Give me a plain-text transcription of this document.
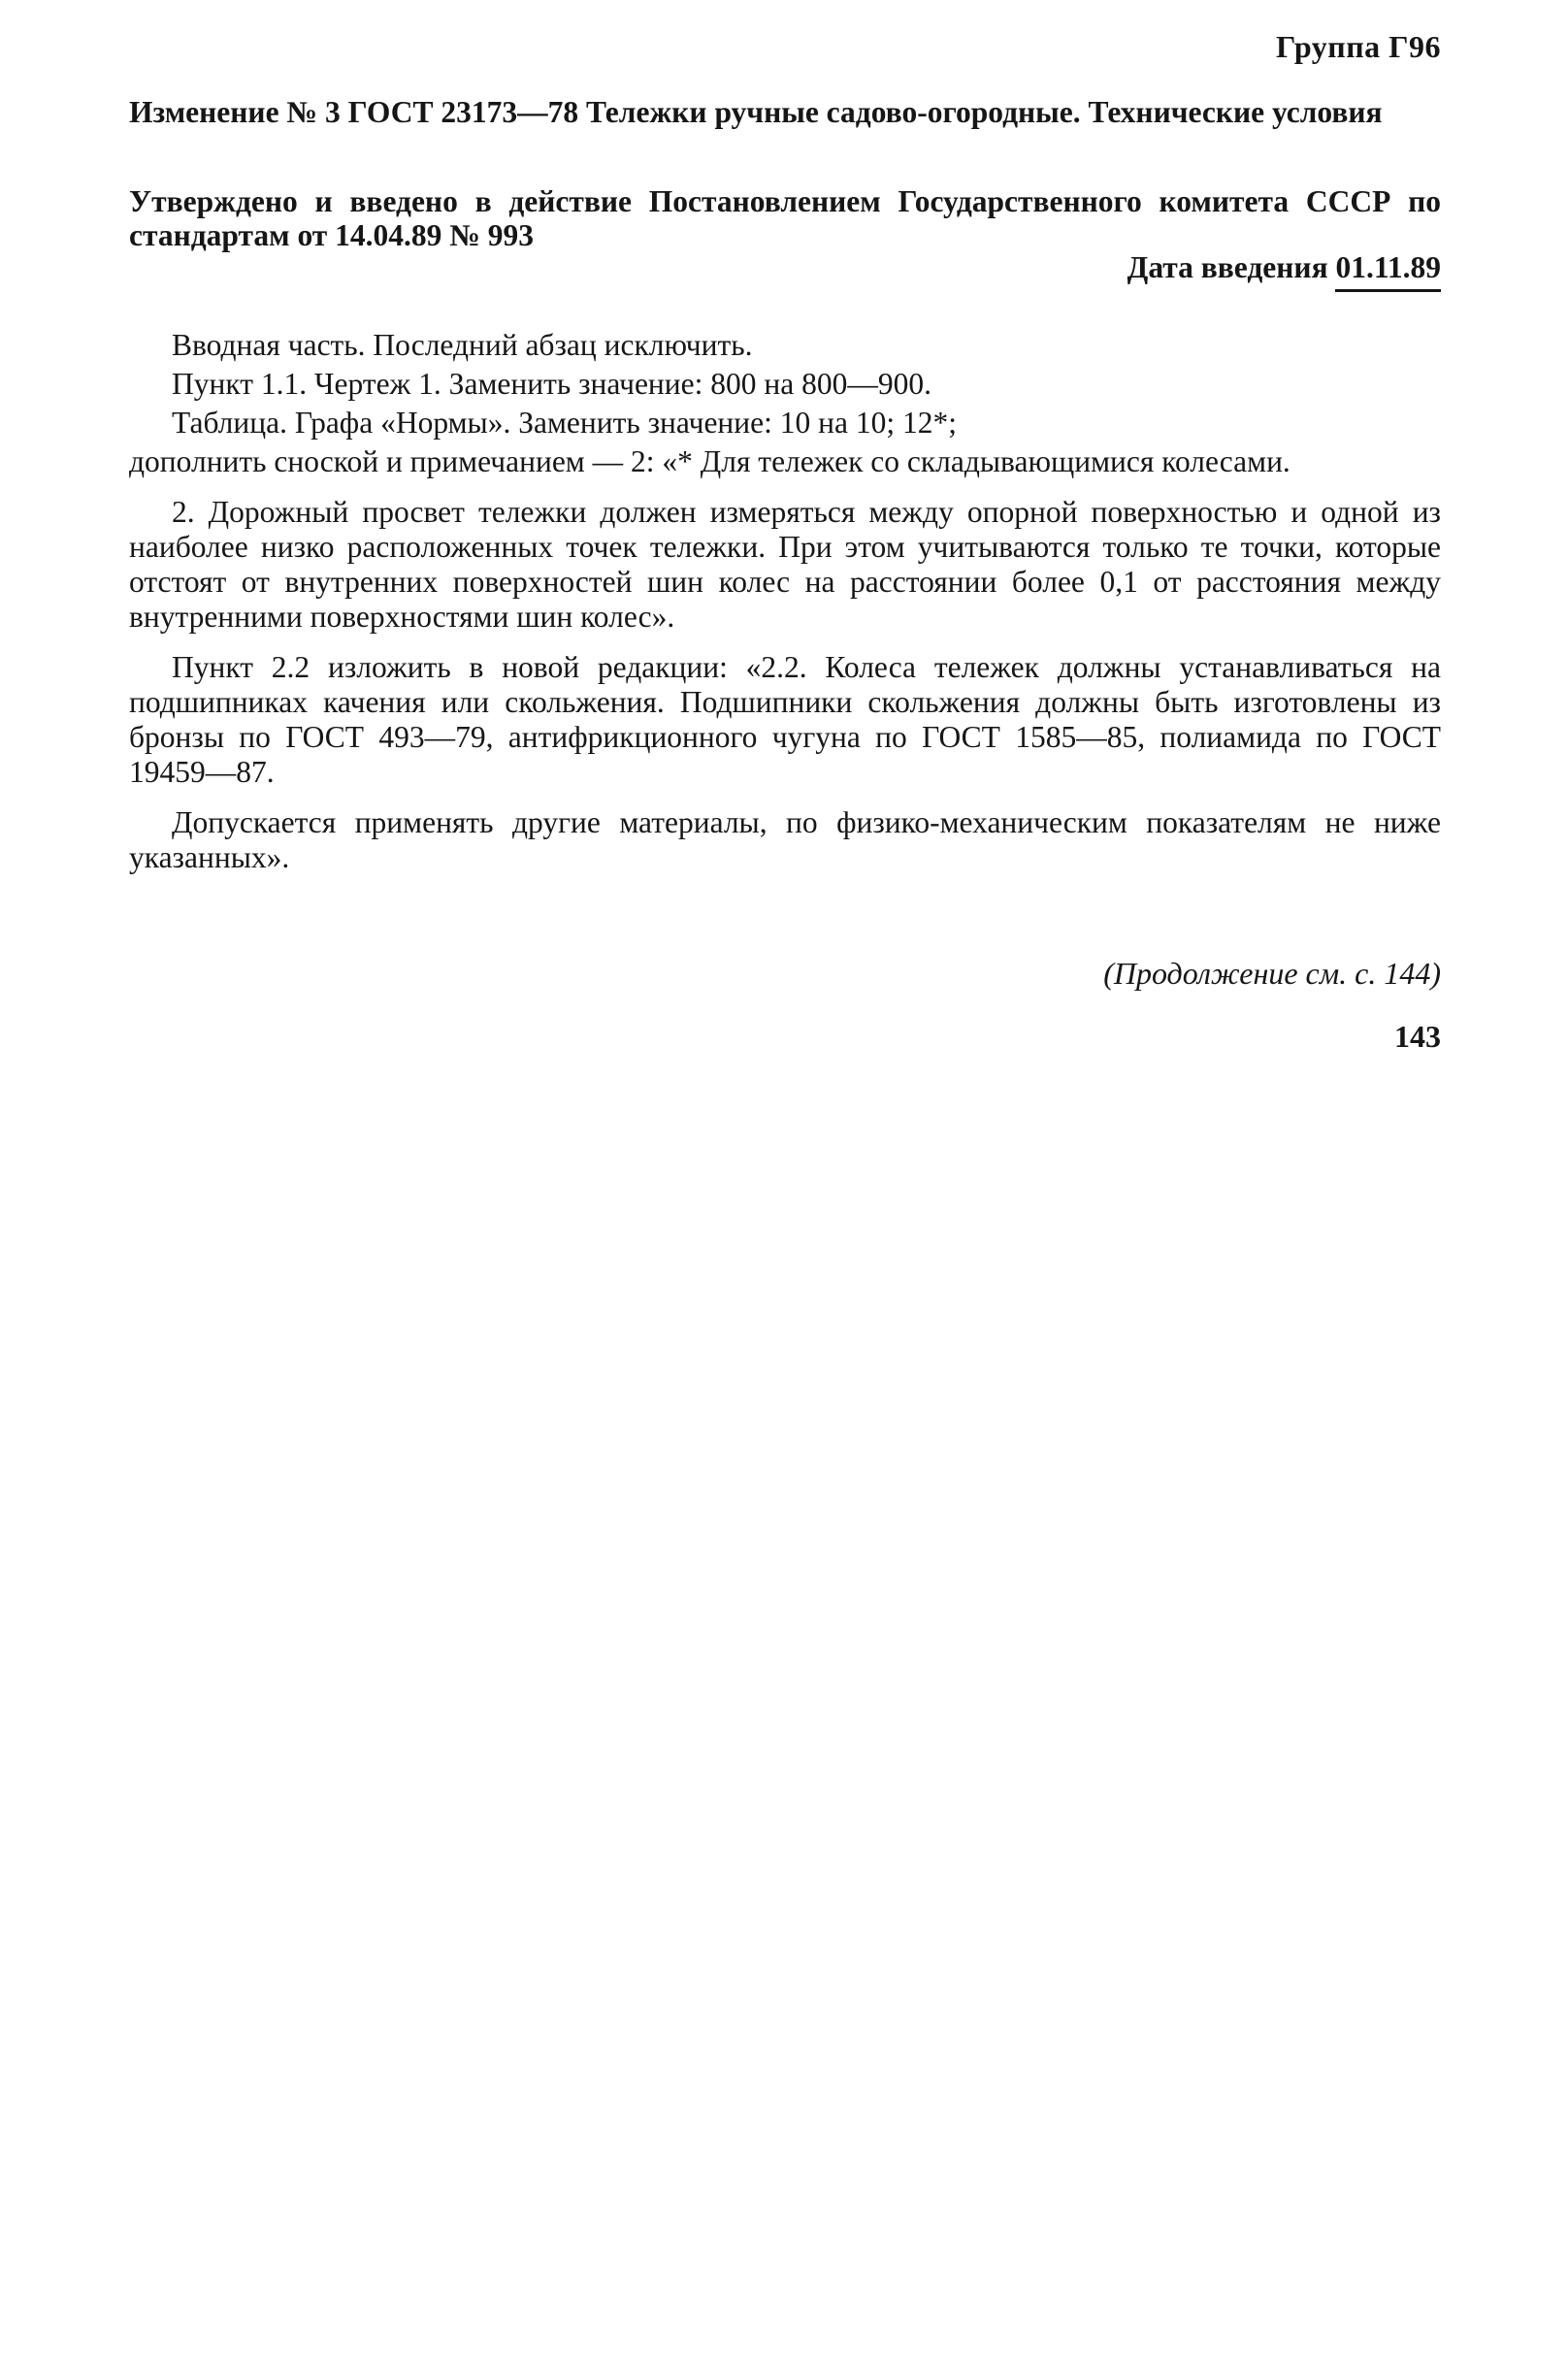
Группа Г96

Изменение № 3 ГОСТ 23173—78 Тележки ручные садово-огородные. Технические условия

Утверждено и введено в действие Постановлением Государственного комитета СССР по стандартам от 14.04.89 № 993

Дата введения 01.11.89

Вводная часть. Последний абзац исключить.

Пункт 1.1. Чертеж 1. Заменить значение: 800 на 800—900.

Таблица. Графа «Нормы». Заменить значение: 10 на 10; 12*;

дополнить сноской и примечанием — 2: «* Для тележек со складывающимися колесами.

2. Дорожный просвет тележки должен измеряться между опорной поверхностью и одной из наиболее низко расположенных точек тележки. При этом учитываются только те точки, которые отстоят от внутренних поверхностей шин колес на расстоянии более 0,1 от расстояния между внутренними поверхностями шин колес».

Пункт 2.2 изложить в новой редакции: «2.2. Колеса тележек должны устанавливаться на подшипниках качения или скольжения. Подшипники скольжения должны быть изготовлены из бронзы по ГОСТ 493—79, антифрикционного чугуна по ГОСТ 1585—85, полиамида по ГОСТ 19459—87.

Допускается применять другие материалы, по физико-механическим показателям не ниже указанных».

(Продолжение см. с. 144)
143
